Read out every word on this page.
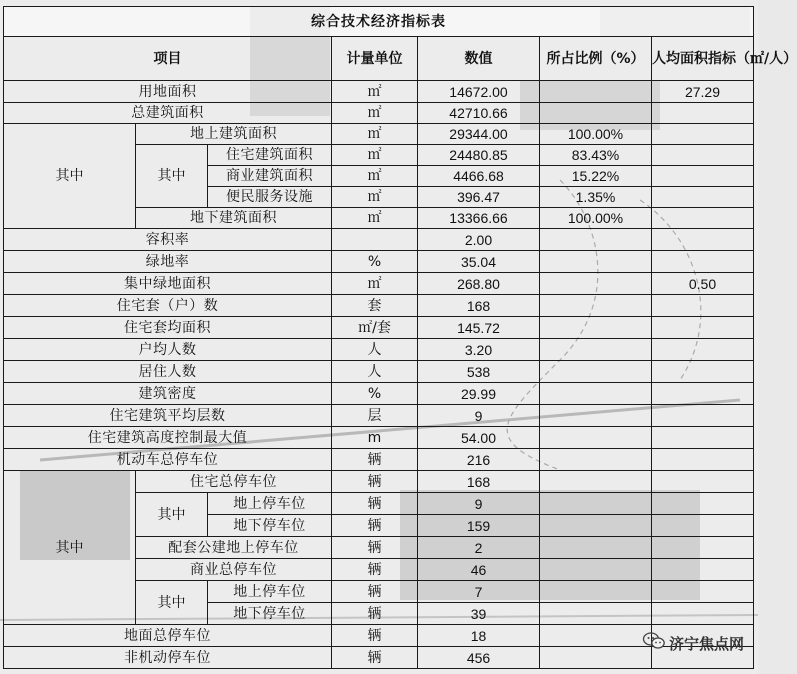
综合技术经济指标表						
项目			计量单位	数值	所占比例（%）	人均面积指标（㎡/人）
用地面积			㎡	14672.00		27.29
总建筑面积			㎡	42710.66		
其中	地上建筑面积		㎡	29344.00	100.00%	
	其中	住宅建筑面积	㎡	24480.85	83.43%	
		商业建筑面积	㎡	4466.68	15.22%	
		便民服务设施	㎡	396.47	1.35%	
	地下建筑面积		㎡	13366.66	100.00%	
容积率				2.00		
绿地率			%	35.04		
集中绿地面积			㎡	268.80		0.50
住宅套（户）数			套	168		
住宅套均面积			㎡/套	145.72		
户均人数			人	3.20		
居住人数			人	538		
建筑密度			%	29.99		
住宅建筑平均层数			层	9		
住宅建筑高度控制最大值			m	54.00		
机动车总停车位			辆	216		
其中	住宅总停车位		辆	168		
	其中	地上停车位	辆	9		
		地下停车位	辆	159		
	配套公建地上停车位		辆	2		
	商业总停车位		辆	46		
	其中	地上停车位	辆	7		
		地下停车位	辆	39		
地面总停车位			辆	18		
非机动停车位			辆	456		
济宁焦点网
